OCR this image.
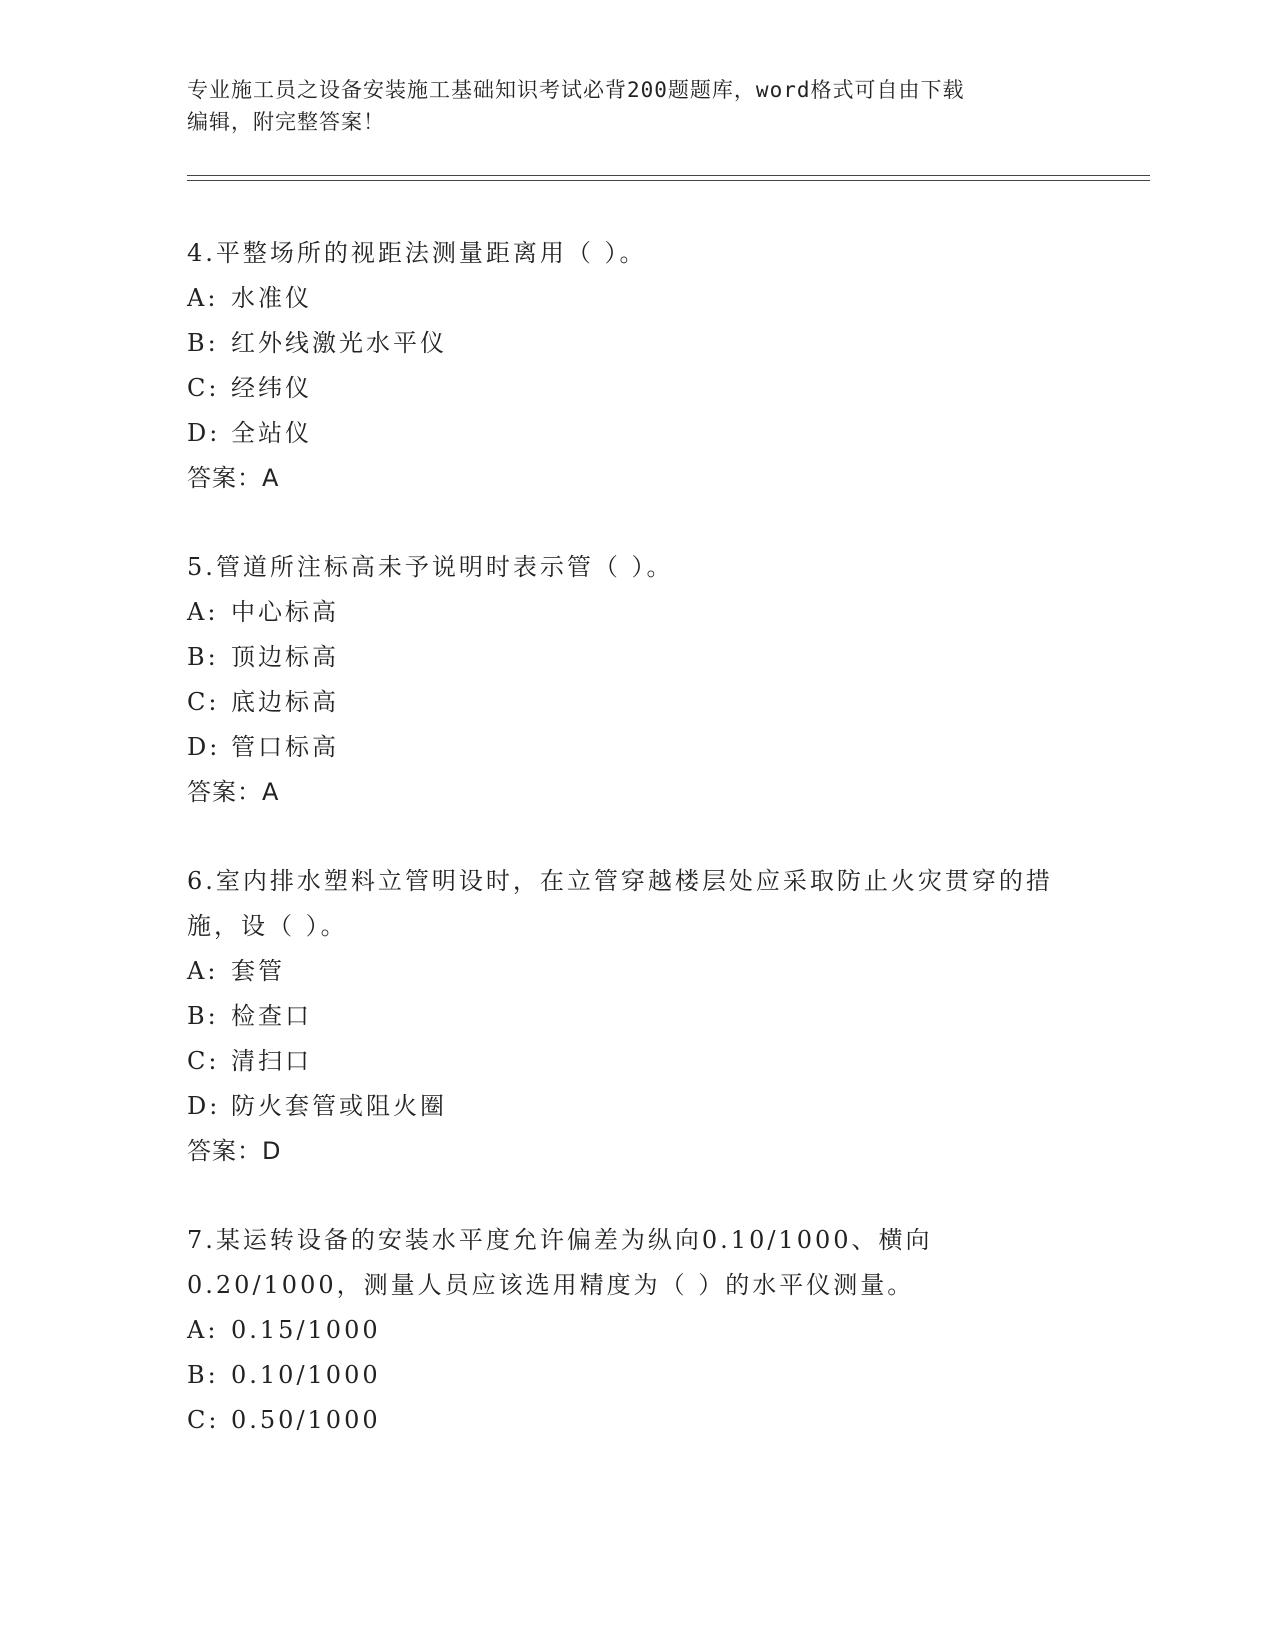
专业施工员之设备安装施工基础知识考试必背200题题库，word格式可自由下载
编辑，附完整答案！
4.平整场所的视距法测量距离用（ ）。
A: 水准仪
B: 红外线激光水平仪
C: 经纬仪
D: 全站仪
答案：A
5.管道所注标高未予说明时表示管（ ）。
A: 中心标高
B: 顶边标高
C: 底边标高
D: 管口标高
答案：A
6.室内排水塑料立管明设时，在立管穿越楼层处应采取防止火灾贯穿的措施，设（ ）。
A: 套管
B: 检查口
C: 清扫口
D: 防火套管或阻火圈
答案：D
7.某运转设备的安装水平度允许偏差为纵向0.10/1000、横向0.20/1000，测量人员应该选用精度为（ ）的水平仪测量。
A: 0.15/1000
B: 0.10/1000
C: 0.50/1000
